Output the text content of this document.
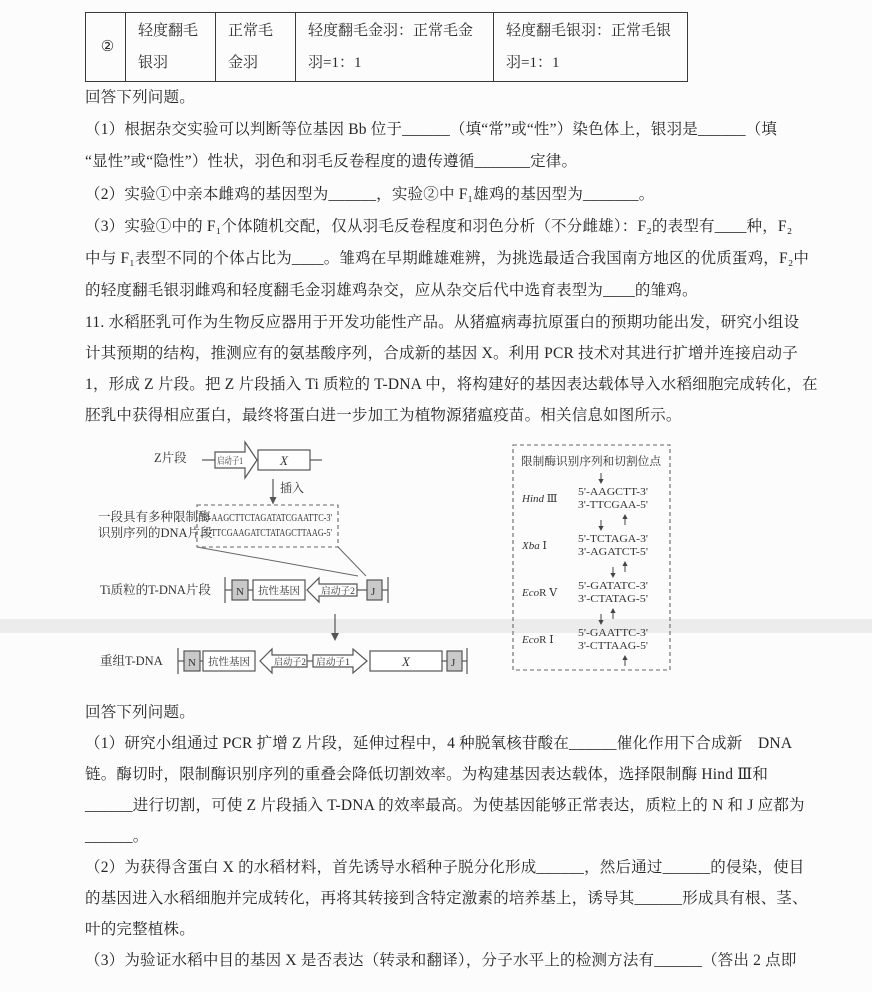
②	轻度翻毛银羽	正常毛金羽	轻度翻毛金羽：正常毛金羽=1：1	轻度翻毛银羽：正常毛银羽=1：1
回答下列问题。
（1）根据杂交实验可以判断等位基因 Bb 位于______（填“常”或“性”）染色体上，银羽是______（填
“显性”或“隐性”）性状，羽色和羽毛反卷程度的遗传遵循_______定律。
（2）实验①中亲本雌鸡的基因型为______，实验②中 F₁雄鸡的基因型为_______。
（3）实验①中的 F₁个体随机交配，仅从羽毛反卷程度和羽色分析（不分雌雄）：F₂的表型有____种，F₂
中与 F₁表型不同的个体占比为____。雏鸡在早期雌雄难辨，为挑选最适合我国南方地区的优质蛋鸡，F₂中
的轻度翻毛银羽雌鸡和轻度翻毛金羽雄鸡杂交，应从杂交后代中选育表型为____的雏鸡。
11. 水稻胚乳可作为生物反应器用于开发功能性产品。从猪瘟病毒抗原蛋白的预期功能出发，研究小组设
计其预期的结构，推测应有的氨基酸序列，合成新的基因 X。利用 PCR 技术对其进行扩增并连接启动子
1，形成 Z 片段。把 Z 片段插入 Ti 质粒的 T-DNA 中，将构建好的基因表达载体导入水稻细胞完成转化，在
胚乳中获得相应蛋白，最终将蛋白进一步加工为植物源猪瘟疫苗。相关信息如图所示。
Z片段	启动子1 X
插入
一段具有多种限制酶
识别序列的DNA片段
5'-AAGCTTCTAGATATCGAATTC-3'
3'-TTCGAAGATCTATAGCTTAAG-5'
Ti质粒的T-DNA片段 N 抗性基因 启动子2 J
重组T-DNA N 抗性基因	启动子2 启动子1	X	J
限制酶识别序列和切割位点
Hind Ⅲ
5'-AAGCTT-3'
3'-TTCGAA-5'
Xba Ⅰ
5'-TCTAGA-3'
3'-AGATCT-5'
EcoR Ⅴ
5'-GATATC-3'
3'-CTATAG-5'
EcoR Ⅰ
5'-GAATTC-3'
3'-CTTAAG-5'
回答下列问题。
（1）研究小组通过 PCR 扩增 Z 片段，延伸过程中，4 种脱氧核苷酸在______催化作用下合成新　DNA
链。酶切时，限制酶识别序列的重叠会降低切割效率。为构建基因表达载体，选择限制酶 Hind Ⅲ和
______进行切割，可使 Z 片段插入 T-DNA 的效率最高。为使基因能够正常表达，质粒上的 N 和 J 应都为
______。
（2）为获得含蛋白 X 的水稻材料，首先诱导水稻种子脱分化形成______，然后通过______的侵染，使目
的基因进入水稻细胞并完成转化，再将其转接到含特定激素的培养基上，诱导其______形成具有根、茎、
叶的完整植株。
（3）为验证水稻中目的基因 X 是否表达（转录和翻译），分子水平上的检测方法有______（答出 2 点即
